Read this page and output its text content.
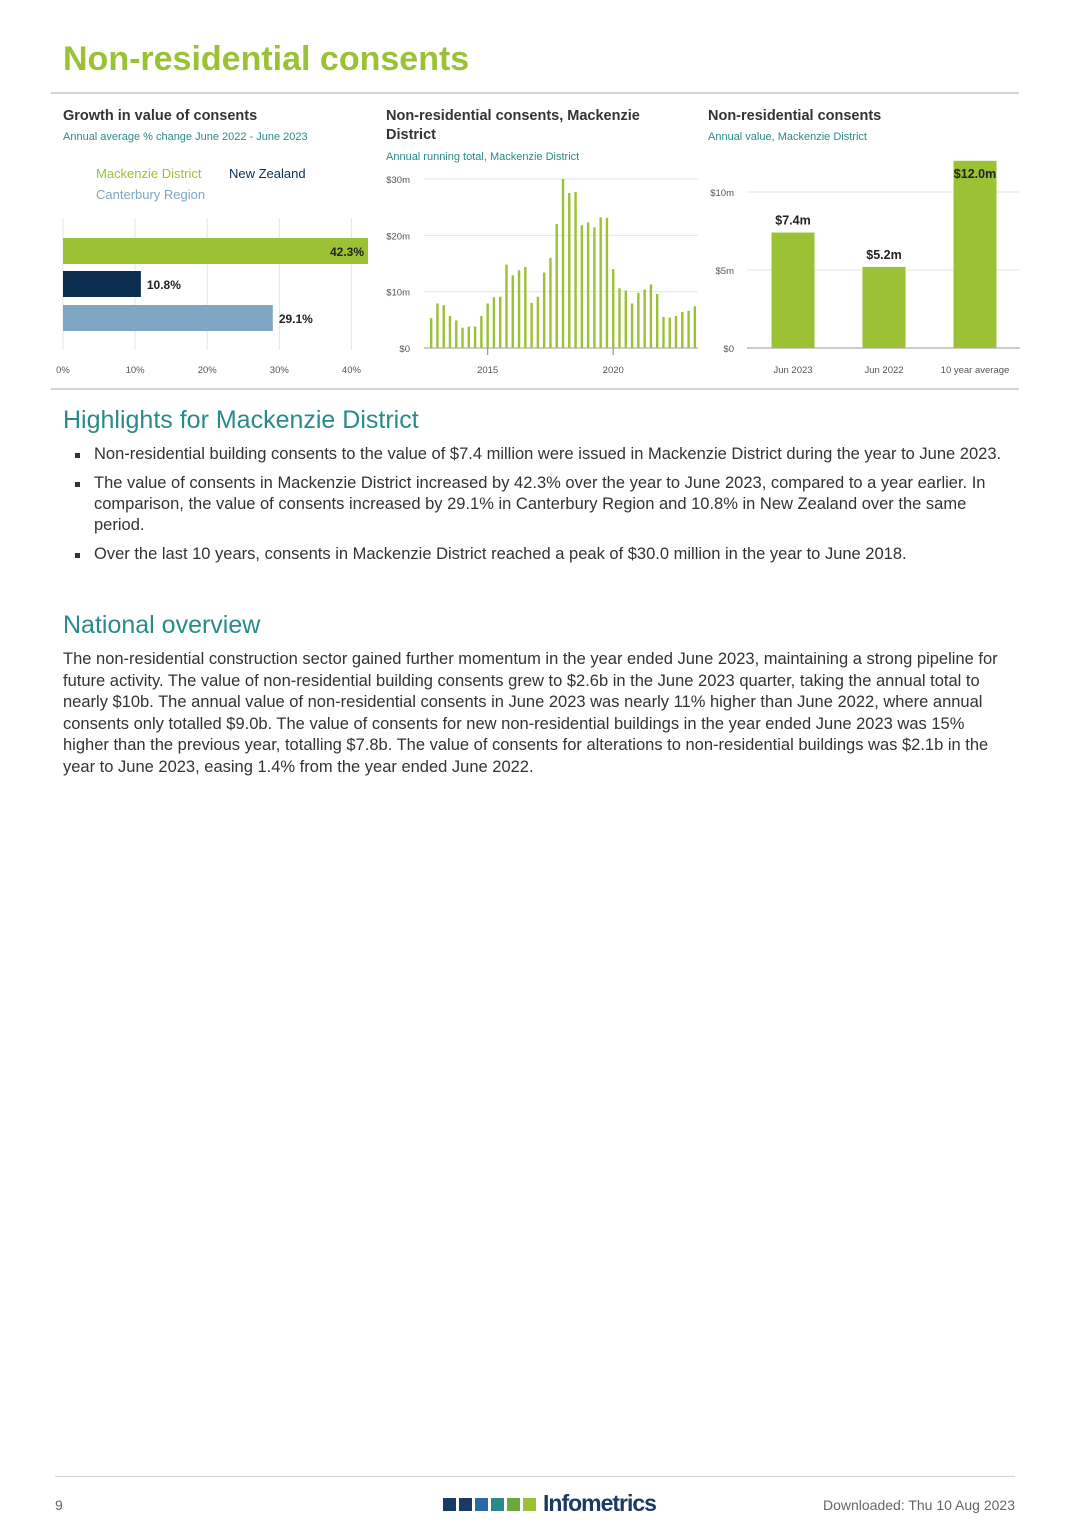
Non-residential consents
Growth in value of consents
Annual average % change June 2022 - June 2023
Mackenzie District New Zealand
Canterbury Region
0%	10%	20%	30%	40%
42.3%
10.8%
29.1%
Non-residential consents, Mackenzie District
Annual running total, Mackenzie District
$0
$10m
$20m
$30m
2015	2020
Non-residential consents
Annual value, Mackenzie District
$0
$5m
$10m
$7.4m
Jun 2023
$5.2m
Jun 2022
$12.0m
10 year average
Highlights for Mackenzie District
Non-residential building consents to the value of $7.4 million were issued in Mackenzie District during the year to June 2023.
The value of consents in Mackenzie District increased by 42.3% over the year to June 2023, compared to a year earlier. In comparison, the value of consents increased by 29.1% in Canterbury Region and 10.8% in New Zealand over the same period.
Over the last 10 years, consents in Mackenzie District reached a peak of $30.0 million in the year to June 2018.
National overview

The non-residential construction sector gained further momentum in the year ended June 2023, maintaining a strong pipeline for future activity. The value of non-residential building consents grew to $2.6b in the June 2023 quarter, taking the annual total to nearly $10b. The annual value of non-residential consents in June 2023 was nearly 11% higher than June 2022, where annual consents only totalled $9.0b. The value of consents for new non-residential buildings in the year ended June 2023 was 15% higher than the previous year, totalling $7.8b. The value of consents for alterations to non-residential buildings was $2.1b in the year to June 2023, easing 1.4% from the year ended June 2022.

9	Infometrics	Downloaded: Thu 10 Aug 2023
